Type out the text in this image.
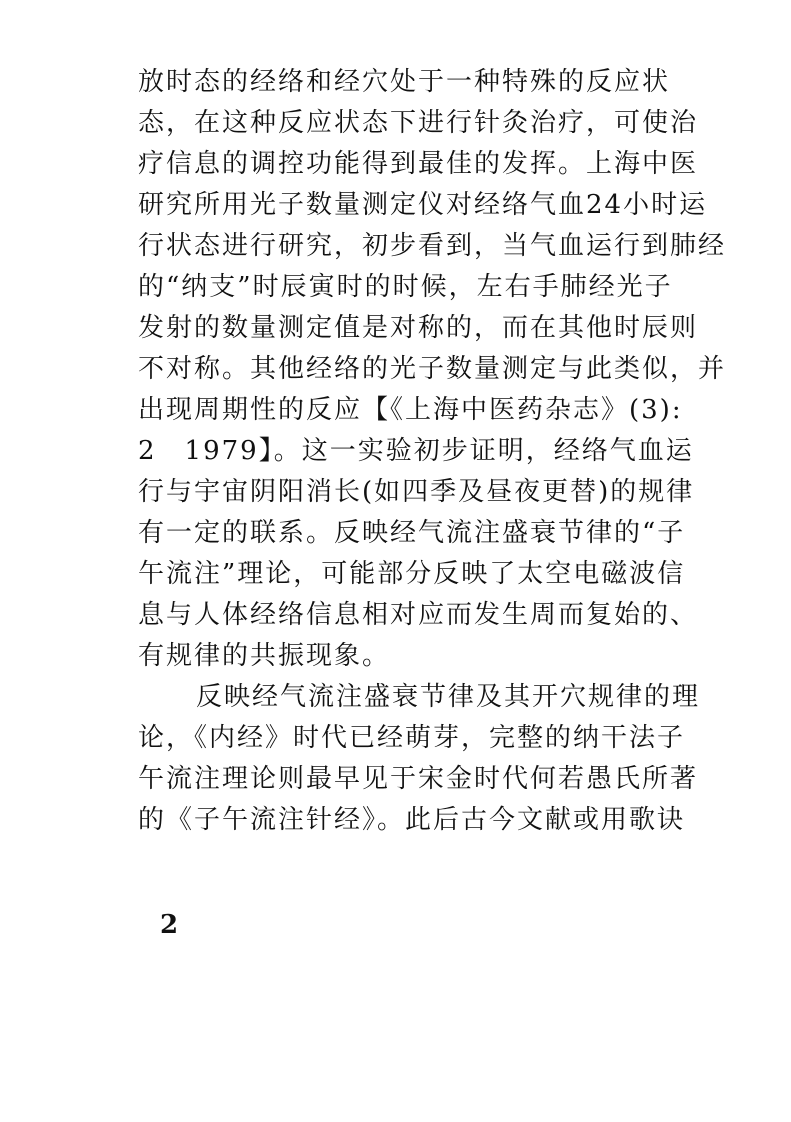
放时态的经络和经穴处于一种特殊的反应状
态，在这种反应状态下进行针灸治疗，可使治
疗信息的调控功能得到最佳的发挥。上海中医
研究所用光子数量测定仪对经络气血24小时运
行状态进行研究，初步看到，当气血运行到肺经
的“纳支”时辰寅时的时候，左右手肺经光子
发射的数量测定值是对称的，而在其他时辰则
不对称。其他经络的光子数量测定与此类似，并
出现周期性的反应【《上海中医药杂志》(3):
2　1979】。这一实验初步证明，经络气血运
行与宇宙阴阳消长(如四季及昼夜更替)的规律
有一定的联系。反映经气流注盛衰节律的“子
午流注”理论，可能部分反映了太空电磁波信
息与人体经络信息相对应而发生周而复始的、
有规律的共振现象。
反映经气流注盛衰节律及其开穴规律的理
论，《内经》时代已经萌芽，完整的纳干法子
午流注理论则最早见于宋金时代何若愚氏所著
的《子午流注针经》。此后古今文献或用歌诀
2
